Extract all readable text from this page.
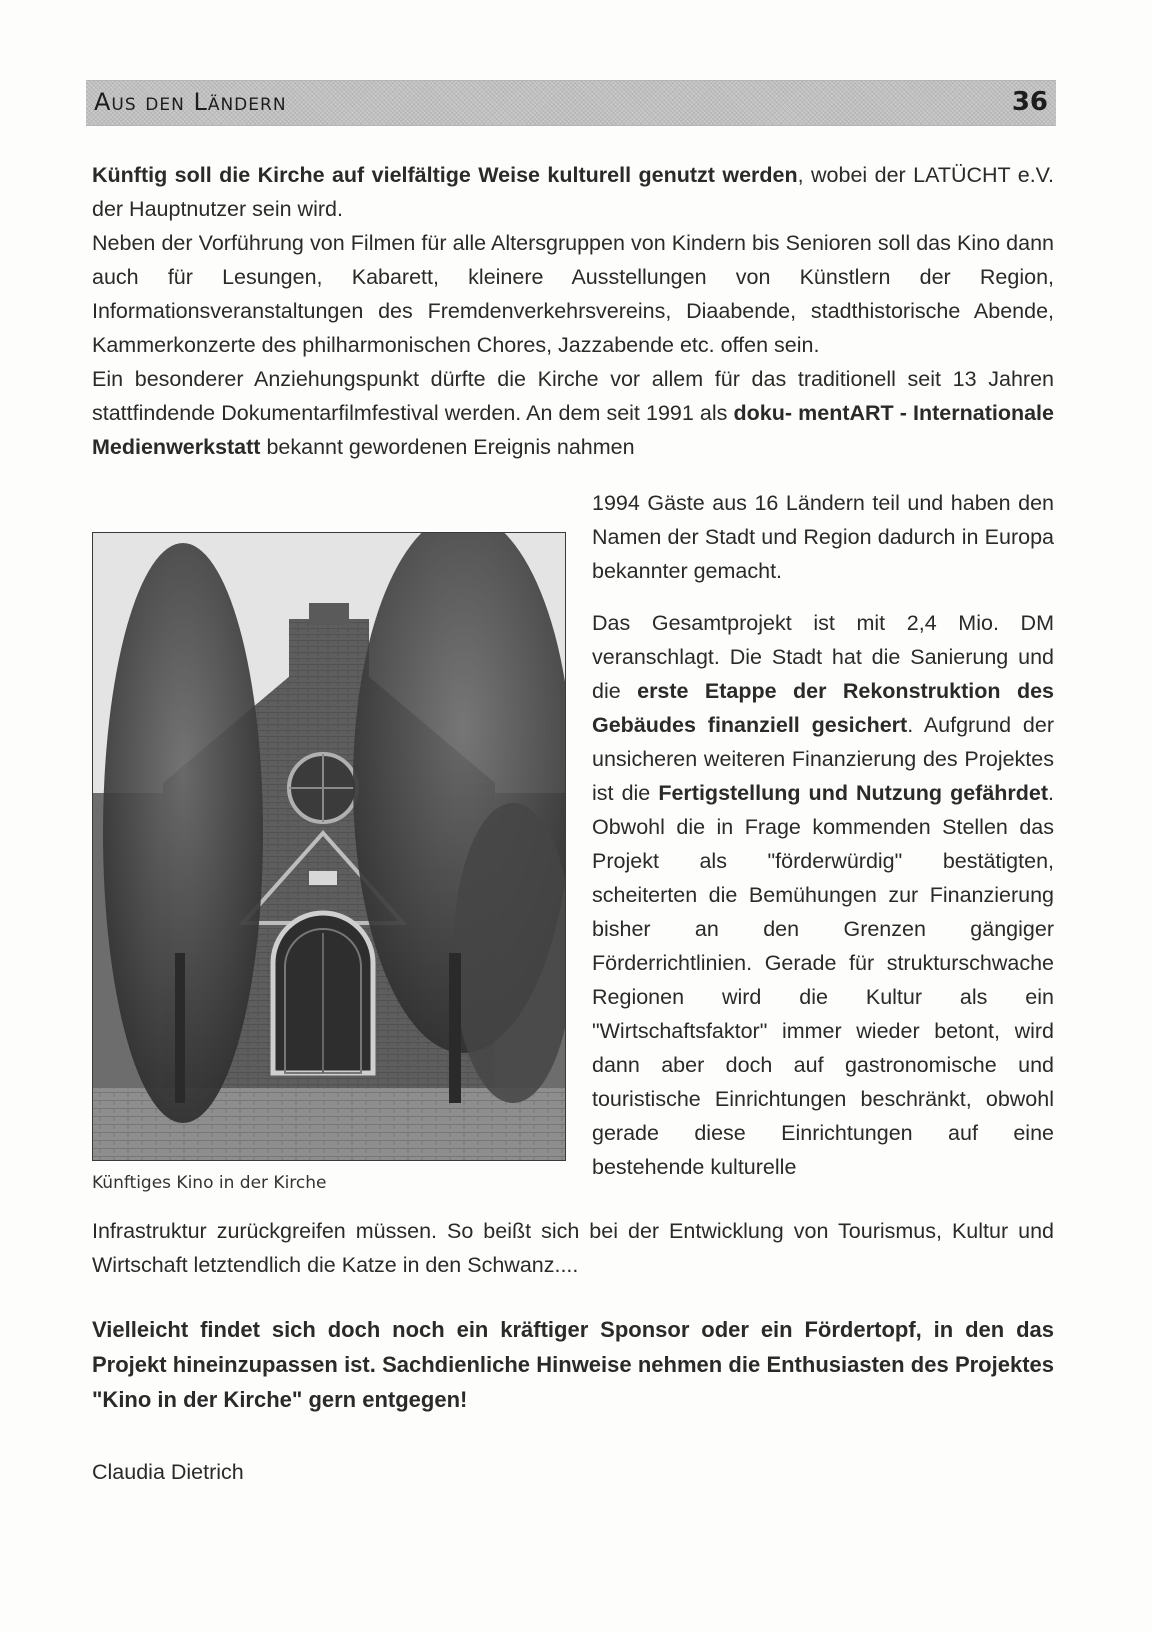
Aus den Ländern	36

Künftig soll die Kirche auf vielfältige Weise kulturell genutzt werden, wobei der LATÜCHT e.V. der Hauptnutzer sein wird.

Neben der Vorführung von Filmen für alle Altersgruppen von Kindern bis Senioren soll das Kino dann auch für Lesungen, Kabarett, kleinere Ausstellungen von Künstlern der Region, Informationsveranstaltungen des Fremdenverkehrsvereins, Diaabende, stadthistorische Abende, Kammerkonzerte des philharmonischen Chores, Jazzabende etc. offen sein.

Ein besonderer Anziehungspunkt dürfte die Kirche vor allem für das traditionell seit 13 Jahren stattfindende Dokumentarfilmfestival werden. An dem seit 1991 als doku- mentART - Internationale Medienwerkstatt bekannt gewordenen Ereignis nahmen

1994 Gäste aus 16 Ländern teil und haben den Namen der Stadt und Region dadurch in Europa bekannter gemacht.

Das Gesamtprojekt ist mit 2,4 Mio. DM veranschlagt. Die Stadt hat die Sanierung und die erste Etappe der Rekonstruktion des Gebäudes finanziell gesichert. Aufgrund der unsicheren weiteren Finanzierung des Projektes ist die Fertigstellung und Nutzung gefährdet. Obwohl die in Frage kommenden Stellen das Projekt als "förderwürdig" bestätigten, scheiterten die Bemühungen zur Finanzierung bisher an den Grenzen gängiger Förderrichtlinien. Gerade für strukturschwache Regionen wird die Kultur als ein "Wirtschaftsfaktor" immer wieder betont, wird dann aber doch auf gastronomische und touristische Einrichtungen beschränkt, obwohl gerade diese Einrichtungen auf eine bestehende kulturelle

Künftiges Kino in der Kirche

Infrastruktur zurückgreifen müssen. So beißt sich bei der Entwicklung von Tourismus, Kultur und Wirtschaft letztendlich die Katze in den Schwanz....

Vielleicht findet sich doch noch ein kräftiger Sponsor oder ein Fördertopf, in den das Projekt hineinzupassen ist. Sachdienliche Hinweise nehmen die Enthusiasten des Projektes "Kino in der Kirche" gern entgegen!

Claudia Dietrich
